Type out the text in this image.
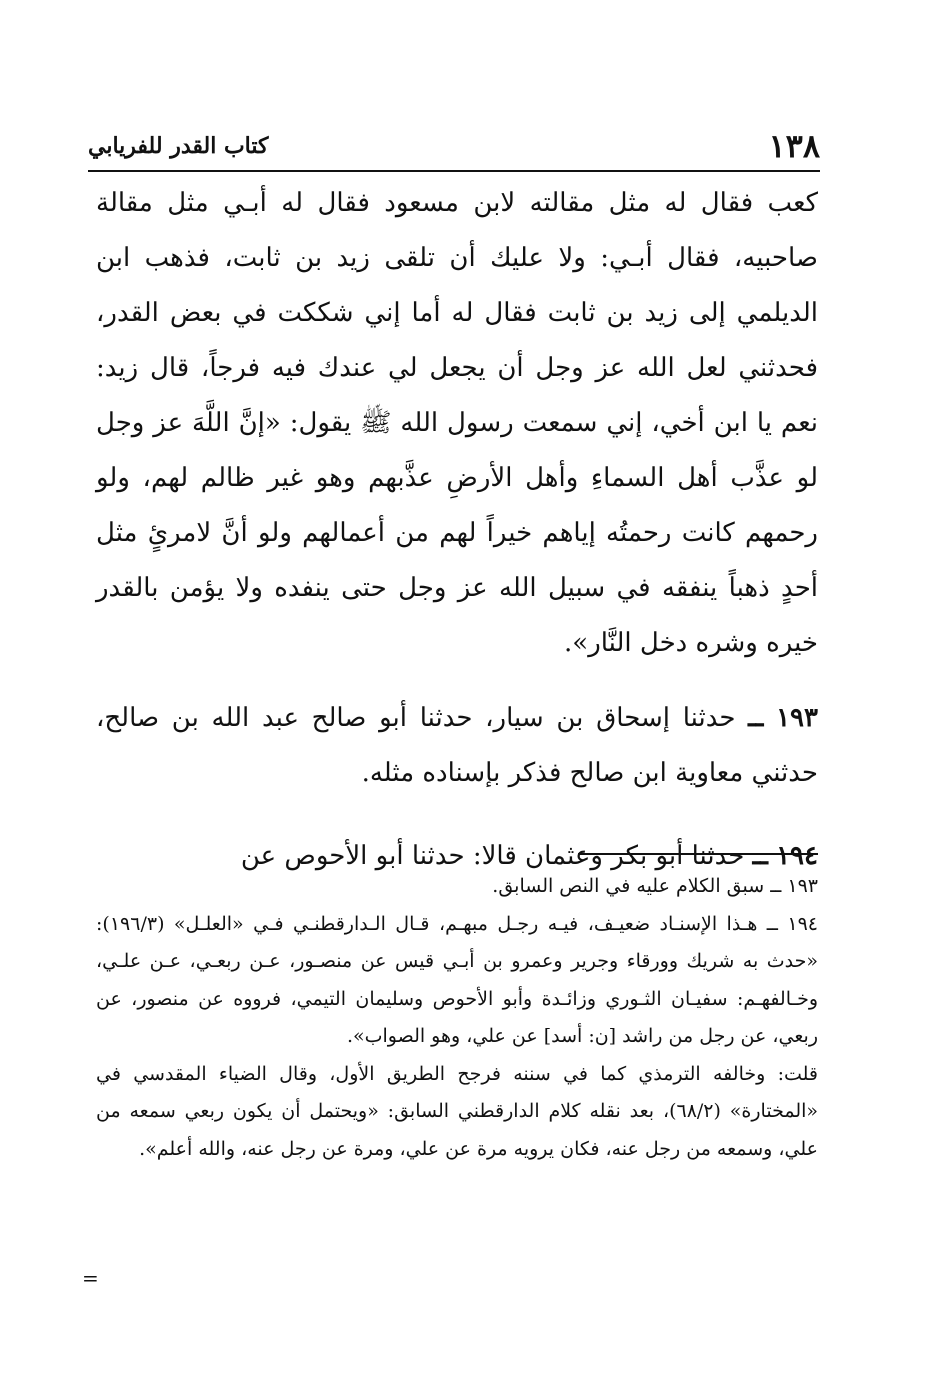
١٣٨
كتاب القدر للفريابي

كعب فقال له مثل مقالته لابن مسعود فقال له أبـي مثل مقالة صاحبيه، فقال أبـي: ولا عليك أن تلقى زيد بن ثابت، فذهب ابن الديلمي إلى زيد بن ثابت فقال له أما إني شككت في بعض القدر، فحدثني لعل الله عز وجل أن يجعل لي عندك فيه فرجاً، قال زيد: نعم يا ابن أخي، إني سمعت رسول الله ﷺ يقول: «إنَّ اللَّهَ عز وجل لو عذَّب أهل السماءِ وأهل الأرضِ عذَّبهم وهو غير ظالم لهم، ولو رحمهم كانت رحمتُه إياهم خيراً لهم من أعمالهم ولو أنَّ لامرئٍ مثل أحدٍ ذهباً ينفقه في سبيل الله عز وجل حتى ينفده ولا يؤمن بالقدر خيره وشره دخل النَّار».

١٩٣ ــ حدثنا إسحاق بن سيار، حدثنا أبو صالح عبد الله بن صالح، حدثني معاوية ابن صالح فذكر بإسناده مثله.

١٩٤ ــ حدثنا أبو بكر وعثمان قالا: حدثنا أبو الأحوص عن

١٩٣ ــ سبق الكلام عليه في النص السابق.

١٩٤ ــ هـذا الإسنـاد ضعيـف، فيـه رجـل مبهـم، قـال الـدارقطنـي فـي «العلـل» (١٩٦/٣): «حدث به شريك وورقاء وجرير وعمرو بن أبـي قيس عن منصـور، عـن ربعـي، عـن علـي، وخـالفهـم: سفيـان الثـوري وزائـدة وأبو الأحوص وسليمان التيمي، فرووه عن منصور، عن ربعي، عن رجل من راشد [ن: أسد] عن علي، وهو الصواب».

قلت: وخالفه الترمذي كما في سننه فرجح الطريق الأول، وقال الضياء المقدسي في «المختارة» (٦٨/٢)، بعد نقله كلام الدارقطني السابق: «ويحتمل أن يكون ربعي سمعه من علي، وسمعه من رجل عنه، فكان يرويه مرة عن علي، ومرة عن رجل عنه، والله أعلم».

=
